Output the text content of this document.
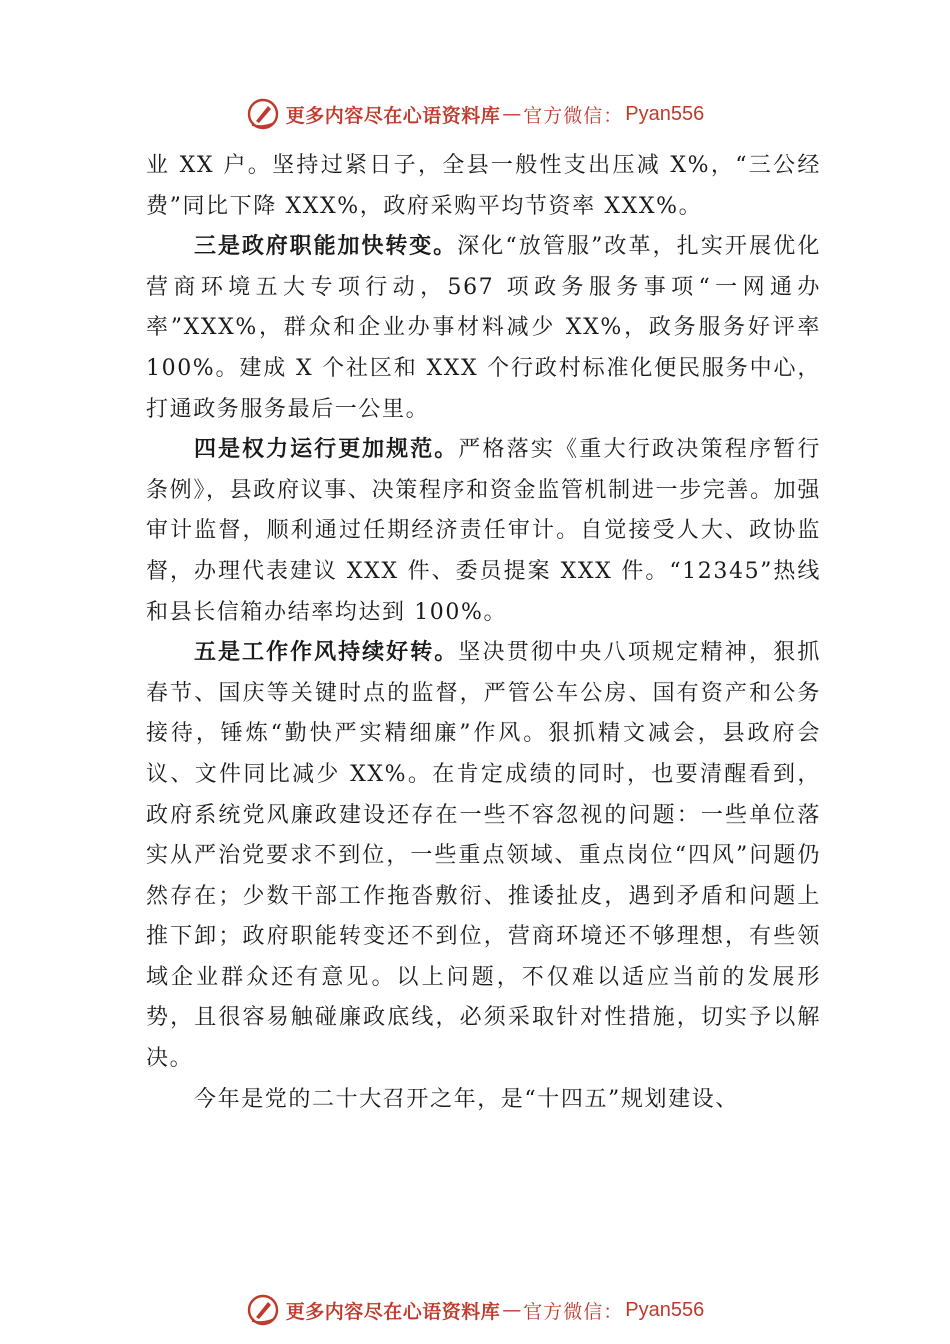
更多内容尽在心语资料库 — 官方微信： Pyan556

业 XX 户。坚持过紧日子，全县一般性支出压减 X%，“三公经费”同比下降 XXX%，政府采购平均节资率 XXX%。

三是政府职能加快转变。深化“放管服”改革，扎实开展优化营商环境五大专项行动，567 项政务服务事项“一网通办率”XXX%，群众和企业办事材料减少 XX%，政务服务好评率 100%。建成 X 个社区和 XXX 个行政村标准化便民服务中心，打通政务服务最后一公里。

四是权力运行更加规范。严格落实《重大行政决策程序暂行条例》，县政府议事、决策程序和资金监管机制进一步完善。加强审计监督，顺利通过任期经济责任审计。自觉接受人大、政协监督，办理代表建议 XXX 件、委员提案 XXX 件。“12345”热线和县长信箱办结率均达到 100%。

五是工作作风持续好转。坚决贯彻中央八项规定精神，狠抓春节、国庆等关键时点的监督，严管公车公房、国有资产和公务接待，锤炼“勤快严实精细廉”作风。狠抓精文减会，县政府会议、文件同比减少 XX%。在肯定成绩的同时，也要清醒看到，政府系统党风廉政建设还存在一些不容忽视的问题：一些单位落实从严治党要求不到位，一些重点领域、重点岗位“四风”问题仍然存在；少数干部工作拖沓敷衍、推诿扯皮，遇到矛盾和问题上推下卸；政府职能转变还不到位，营商环境还不够理想，有些领域企业群众还有意见。以上问题，不仅难以适应当前的发展形势，且很容易触碰廉政底线，必须采取针对性措施，切实予以解决。

今年是党的二十大召开之年，是“十四五”规划建设、

更多内容尽在心语资料库 — 官方微信： Pyan556
